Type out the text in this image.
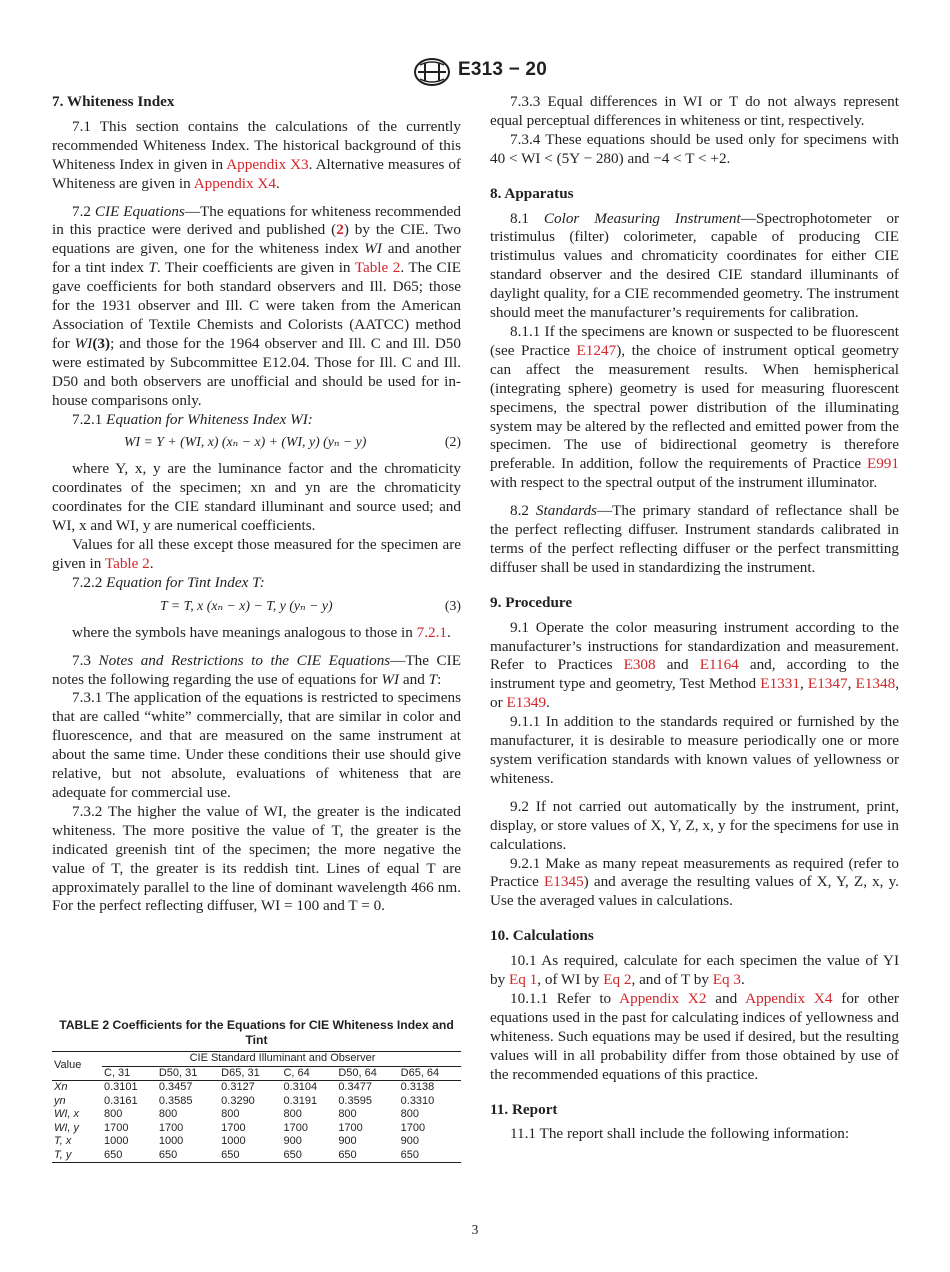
E313 − 20

7. Whiteness Index

7.1 This section contains the calculations of the currently recommended Whiteness Index. The historical background of this Whiteness Index in given in Appendix X3. Alternative measures of Whiteness are given in Appendix X4.

7.2 CIE Equations—The equations for whiteness recommended in this practice were derived and published (2) by the CIE. Two equations are given, one for the whiteness index WI and another for a tint index T. Their coefficients are given in Table 2. The CIE gave coefficients for both standard observers and Ill. D65; those for the 1931 observer and Ill. C were taken from the American Association of Textile Chemists and Colorists (AATCC) method for WI(3); and those for the 1964 observer and Ill. C and Ill. D50 were estimated by Subcommittee E12.04. Those for Ill. C and Ill. D50 and both observers are unofficial and should be used for in-house comparisons only.

7.2.1 Equation for Whiteness Index WI:

WI = Y + (WI, x) (xₙ − x) + (WI, y) (yₙ − y)	(2)

where Y, x, y are the luminance factor and the chromaticity coordinates of the specimen; xn and yn are the chromaticity coordinates for the CIE standard illuminant and source used; and WI, x and WI, y are numerical coefficients.

Values for all these except those measured for the specimen are given in Table 2.

7.2.2 Equation for Tint Index T:

T = T, x (xₙ − x) − T, y (yₙ − y)	(3)

where the symbols have meanings analogous to those in 7.2.1.

7.3 Notes and Restrictions to the CIE Equations—The CIE notes the following regarding the use of equations for WI and T:

7.3.1 The application of the equations is restricted to specimens that are called “white” commercially, that are similar in color and fluorescence, and that are measured on the same instrument at about the same time. Under these conditions their use should give relative, but not absolute, evaluations of whiteness that are adequate for commercial use.

7.3.2 The higher the value of WI, the greater is the indicated whiteness. The more positive the value of T, the greater is the indicated greenish tint of the specimen; the more negative the value of T, the greater is its reddish tint. Lines of equal T are approximately parallel to the line of dominant wavelength 466 nm. For the perfect reflecting diffuser, WI = 100 and T = 0.

TABLE 2 Coefficients for the Equations for CIE Whiteness Index and Tint
Value	CIE Standard Illuminant and Observer					
	C, 31	D50, 31	D65, 31	C, 64	D50, 64	D65, 64
Xn	0.3101	0.3457	0.3127	0.3104	0.3477	0.3138
yn	0.3161	0.3585	0.3290	0.3191	0.3595	0.3310
WI, x	800	800	800	800	800	800
WI, y	1700	1700	1700	1700	1700	1700
T, x	1000	1000	1000	900	900	900
T, y	650	650	650	650	650	650

7.3.3 Equal differences in WI or T do not always represent equal perceptual differences in whiteness or tint, respectively.

7.3.4 These equations should be used only for specimens with 40 < WI < (5Y − 280) and −4 < T < +2.

8. Apparatus

8.1 Color Measuring Instrument—Spectrophotometer or tristimulus (filter) colorimeter, capable of producing CIE tristimulus values and chromaticity coordinates for either CIE standard observer and the desired CIE standard illuminants of daylight quality, for a CIE recommended geometry. The instrument should meet the manufacturer’s requirements for calibration.

8.1.1 If the specimens are known or suspected to be fluorescent (see Practice E1247), the choice of instrument optical geometry can affect the measurement results. When hemispherical (integrating sphere) geometry is used for measuring fluorescent specimens, the spectral power distribution of the illuminating system may be altered by the reflected and emitted power from the specimen. The use of bidirectional geometry is therefore preferable. In addition, follow the requirements of Practice E991 with respect to the spectral output of the instrument illuminator.

8.2 Standards—The primary standard of reflectance shall be the perfect reflecting diffuser. Instrument standards calibrated in terms of the perfect reflecting diffuser or the perfect transmitting diffuser shall be used in standardizing the instrument.

9. Procedure

9.1 Operate the color measuring instrument according to the manufacturer’s instructions for standardization and measurement. Refer to Practices E308 and E1164 and, according to the instrument type and geometry, Test Method E1331, E1347, E1348, or E1349.

9.1.1 In addition to the standards required or furnished by the manufacturer, it is desirable to measure periodically one or more system verification standards with known values of yellowness or whiteness.

9.2 If not carried out automatically by the instrument, print, display, or store values of X, Y, Z, x, y for the specimens for use in calculations.

9.2.1 Make as many repeat measurements as required (refer to Practice E1345) and average the resulting values of X, Y, Z, x, y. Use the averaged values in calculations.

10. Calculations

10.1 As required, calculate for each specimen the value of YI by Eq 1, of WI by Eq 2, and of T by Eq 3.

10.1.1 Refer to Appendix X2 and Appendix X4 for other equations used in the past for calculating indices of yellowness and whiteness. Such equations may be used if desired, but the resulting values will in all probability differ from those obtained by use of the recommended equations of this practice.

11. Report

11.1 The report shall include the following information:

3
